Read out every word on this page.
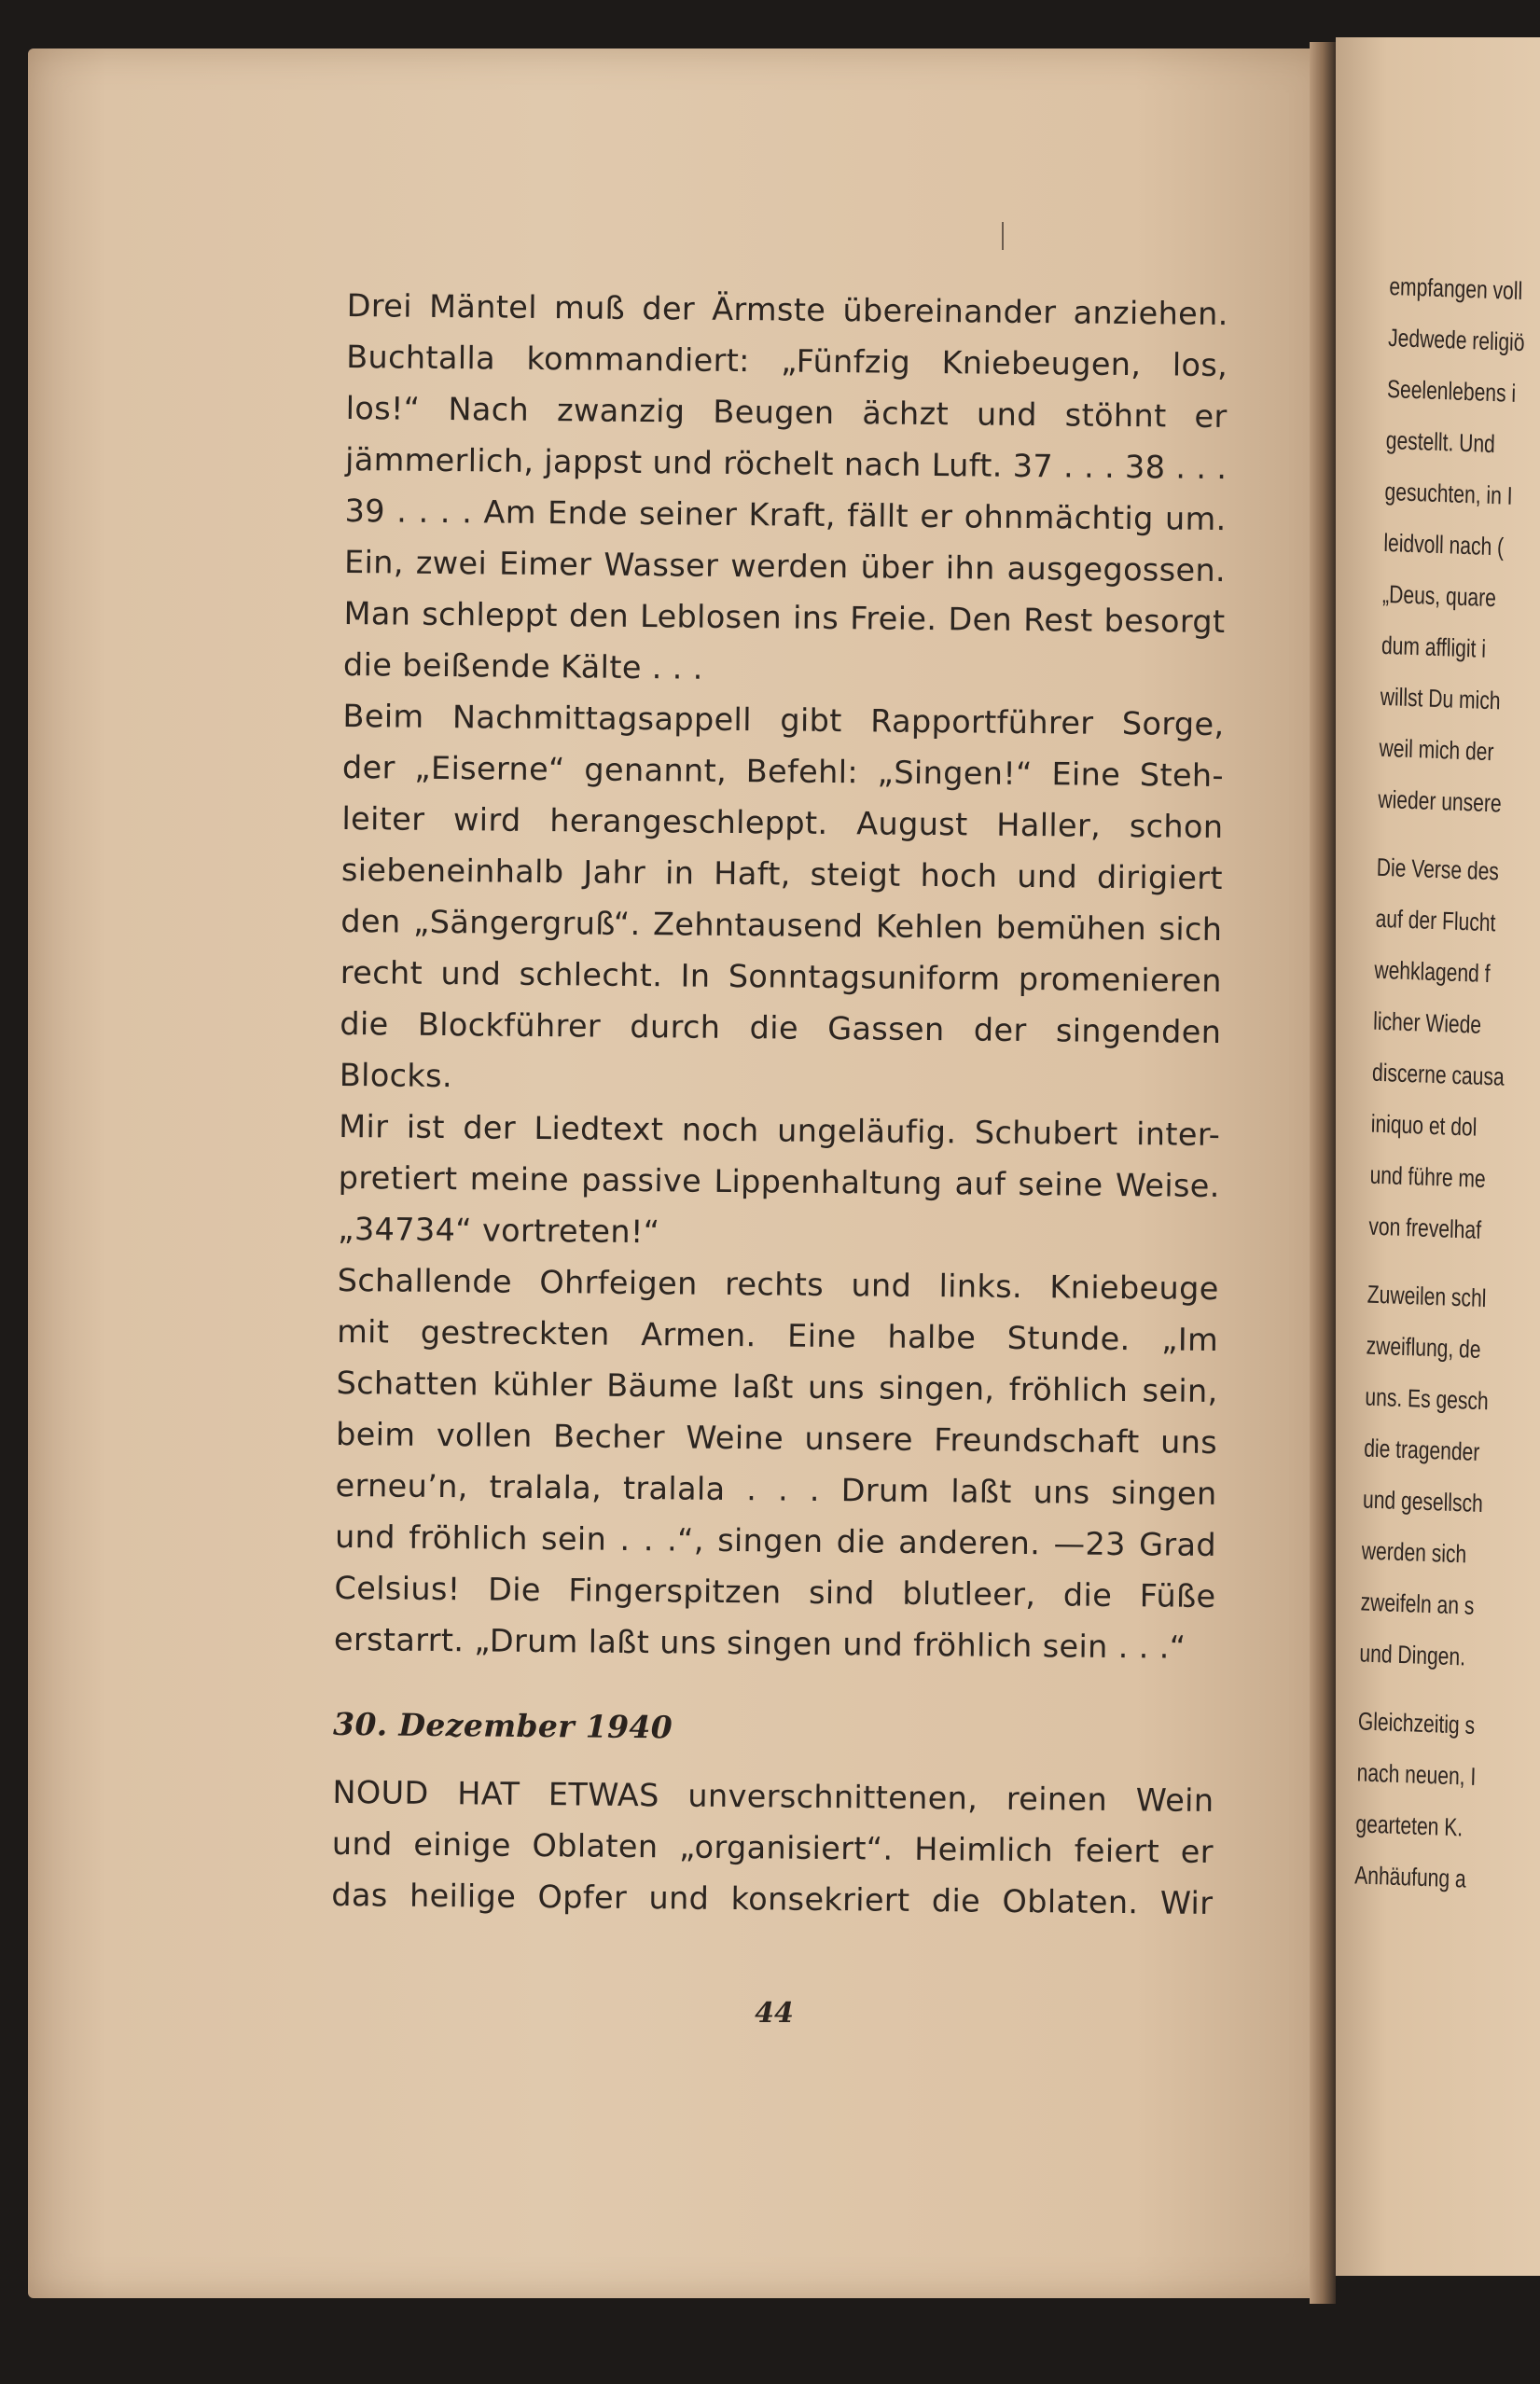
Drei Mäntel muß der Ärmste übereinander anziehen.
Buchtalla kommandiert: „Fünfzig Kniebeugen, los,
los!“ Nach zwanzig Beugen ächzt und stöhnt er
jämmerlich, jappst und röchelt nach Luft. 37 . . . 38 . . .
39 . . . . Am Ende seiner Kraft, fällt er ohnmächtig um.
Ein, zwei Eimer Wasser werden über ihn ausgegossen.
Man schleppt den Leblosen ins Freie. Den Rest besorgt
die beißende Kälte . . .
Beim Nachmittagsappell gibt Rapportführer Sorge,
der „Eiserne“ genannt, Befehl: „Singen!“ Eine Steh-
leiter wird herangeschleppt. August Haller, schon
siebeneinhalb Jahr in Haft, steigt hoch und dirigiert
den „Sängergruß“. Zehntausend Kehlen bemühen sich
recht und schlecht. In Sonntagsuniform promenieren
die Blockführer durch die Gassen der singenden
Blocks.
Mir ist der Liedtext noch ungeläufig. Schubert inter-
pretiert meine passive Lippenhaltung auf seine Weise.
„34734“ vortreten!“
Schallende Ohrfeigen rechts und links. Kniebeuge
mit gestreckten Armen. Eine halbe Stunde. „Im
Schatten kühler Bäume laßt uns singen, fröhlich sein,
beim vollen Becher Weine unsere Freundschaft uns
erneu’n, tralala, tralala . . . Drum laßt uns singen
und fröhlich sein . . .“, singen die anderen. —23 Grad
Celsius! Die Fingerspitzen sind blutleer, die Füße
erstarrt. „Drum laßt uns singen und fröhlich sein . . .“
30. Dezember 1940
NOUD HAT ETWAS unverschnittenen, reinen Wein
und einige Oblaten „organisiert“. Heimlich feiert er
das heilige Opfer und konsekriert die Oblaten. Wir
44
empfangen voll
Jedwede religiö
Seelenlebens i
gestellt. Und
gesuchten, in I
leidvoll nach (
„Deus, quare
dum affligit i
willst Du mich
weil mich der
wieder unsere
Die Verse des
auf der Flucht
wehklagend f
licher Wiede
discerne causa
iniquo et dol
und führe me
von frevelhaf
Zuweilen schl
zweiflung, de
uns. Es gesch
die tragender
und gesellsch
werden sich
zweifeln an s
und Dingen.
Gleichzeitig s
nach neuen, I
gearteten K.
Anhäufung a
